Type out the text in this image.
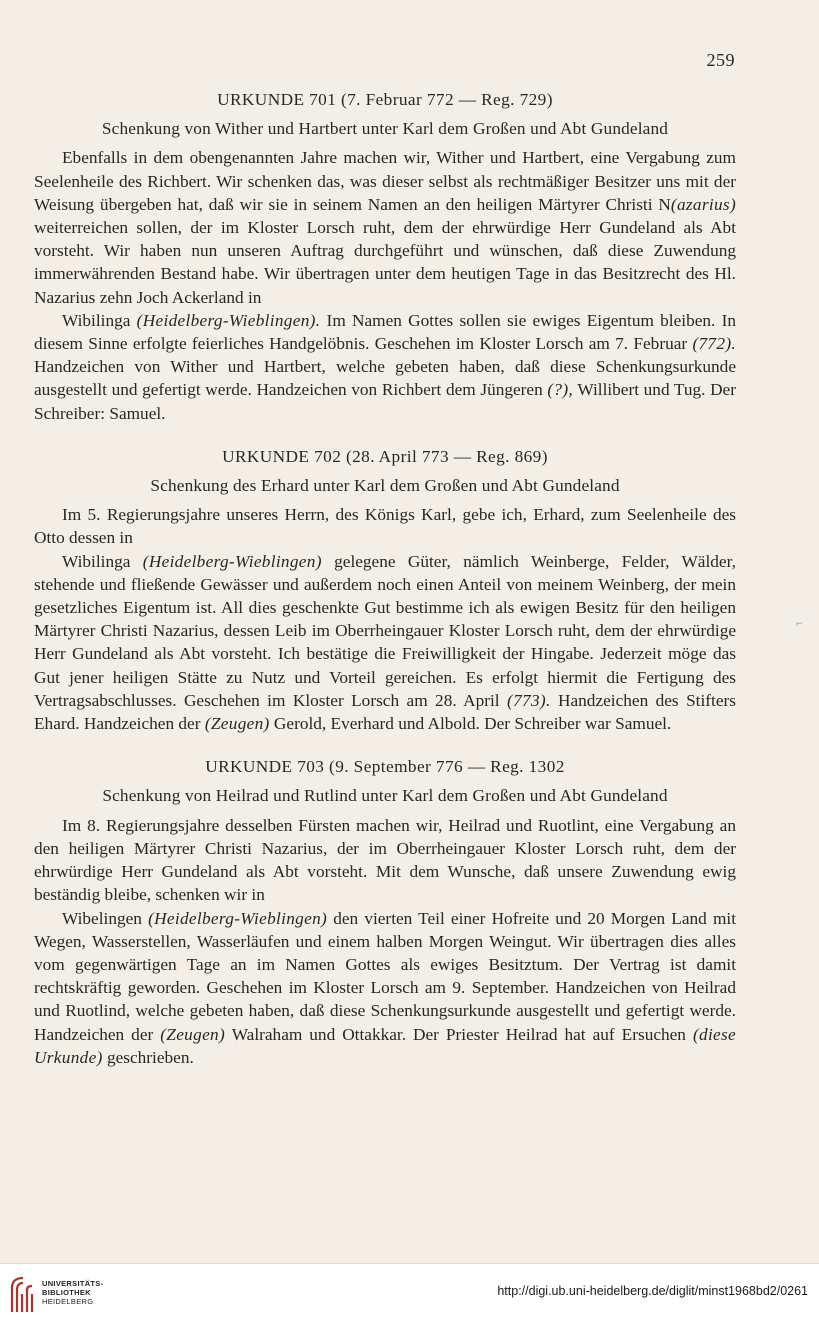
259
⌐
URKUNDE 701 (7. Februar 772 — Reg. 729)
Schenkung von Wither und Hartbert unter Karl dem Großen und Abt Gundeland

Ebenfalls in dem obengenannten Jahre machen wir, Wither und Hartbert, eine Vergabung zum Seelenheile des Richbert. Wir schenken das, was dieser selbst als rechtmäßiger Besitzer uns mit der Weisung übergeben hat, daß wir sie in seinem Namen an den heiligen Märtyrer Christi N(azarius) weiterreichen sollen, der im Kloster Lorsch ruht, dem der ehrwürdige Herr Gundeland als Abt vorsteht. Wir haben nun unseren Auftrag durchgeführt und wünschen, daß diese Zuwendung immerwährenden Bestand habe. Wir übertragen unter dem heutigen Tage in das Besitzrecht des Hl. Nazarius zehn Joch Ackerland in

Wibilinga (Heidelberg-Wieblingen). Im Namen Gottes sollen sie ewiges Eigentum bleiben. In diesem Sinne erfolgte feierliches Handgelöbnis. Geschehen im Kloster Lorsch am 7. Februar (772). Handzeichen von Wither und Hartbert, welche gebeten haben, daß diese Schenkungsurkunde ausgestellt und gefertigt werde. Handzeichen von Richbert dem Jüngeren (?), Willibert und Tug. Der Schreiber: Samuel.

URKUNDE 702 (28. April 773 — Reg. 869)
Schenkung des Erhard unter Karl dem Großen und Abt Gundeland

Im 5. Regierungsjahre unseres Herrn, des Königs Karl, gebe ich, Erhard, zum Seelenheile des Otto dessen in

Wibilinga (Heidelberg-Wieblingen) gelegene Güter, nämlich Weinberge, Felder, Wälder, stehende und fließende Gewässer und außerdem noch einen Anteil von meinem Weinberg, der mein gesetzliches Eigentum ist. All dies geschenkte Gut bestimme ich als ewigen Besitz für den heiligen Märtyrer Christi Nazarius, dessen Leib im Oberrheingauer Kloster Lorsch ruht, dem der ehrwürdige Herr Gundeland als Abt vorsteht. Ich bestätige die Freiwilligkeit der Hingabe. Jederzeit möge das Gut jener heiligen Stätte zu Nutz und Vorteil gereichen. Es erfolgt hiermit die Fertigung des Vertragsabschlusses. Geschehen im Kloster Lorsch am 28. April (773). Handzeichen des Stifters Ehard. Handzeichen der (Zeugen) Gerold, Everhard und Albold. Der Schreiber war Samuel.

URKUNDE 703 (9. September 776 — Reg. 1302
Schenkung von Heilrad und Rutlind unter Karl dem Großen und Abt Gundeland

Im 8. Regierungsjahre desselben Fürsten machen wir, Heilrad und Ruotlint, eine Vergabung an den heiligen Märtyrer Christi Nazarius, der im Oberrheingauer Kloster Lorsch ruht, dem der ehrwürdige Herr Gundeland als Abt vorsteht. Mit dem Wunsche, daß unsere Zuwendung ewig beständig bleibe, schenken wir in

Wibelingen (Heidelberg-Wieblingen) den vierten Teil einer Hofreite und 20 Morgen Land mit Wegen, Wasserstellen, Wasserläufen und einem halben Morgen Weingut. Wir übertragen dies alles vom gegenwärtigen Tage an im Namen Gottes als ewiges Besitztum. Der Vertrag ist damit rechtskräftig geworden. Geschehen im Kloster Lorsch am 9. September. Handzeichen von Heilrad und Ruotlind, welche gebeten haben, daß diese Schenkungsurkunde ausgestellt und gefertigt werde. Handzeichen der (Zeugen) Walraham und Ottakkar. Der Priester Heilrad hat auf Ersuchen (diese Urkunde) geschrieben.

UNIVERSITÄTS-
BIBLIOTHEK
HEIDELBERG
http://digi.ub.uni-heidelberg.de/diglit/minst1968bd2/0261
